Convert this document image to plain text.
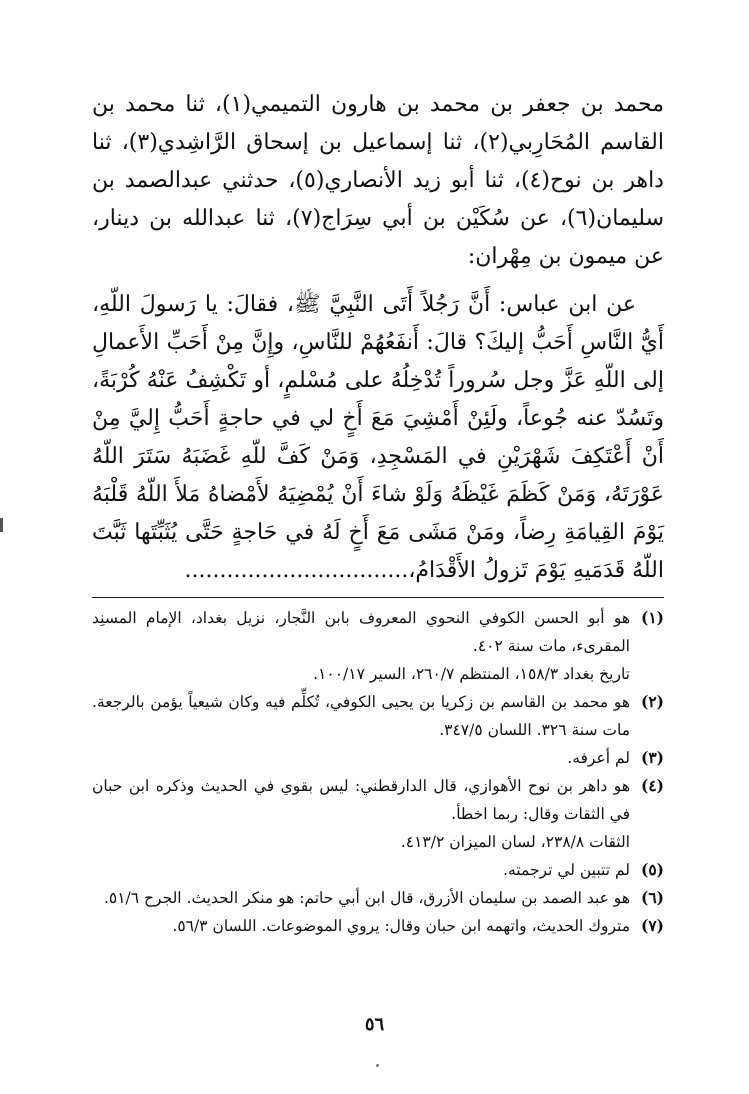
محمد بن جعفر بن محمد بن هارون التميمي(١)، ثنا محمد بن القاسم المُحَارِبي(٢)، ثنا إسماعيل بن إسحاق الرَّاشِدي(٣)، ثنا داهر بن نوح(٤)، ثنا أبو زيد الأنصاري(٥)، حدثني عبدالصمد بن سليمان(٦)، عن سُكَيْن بن أبي سِرَاج(٧)، ثنا عبدالله بن دينار، عن ميمون بن مِهْران:

عن ابن عباس: أَنَّ رَجُلاً أَتَى النَّبِيَّ ﷺ، فقالَ: يا رَسولَ اللّهِ، أَيُّ النَّاسِ أَحَبُّ إليكَ؟ قالَ: أَنفَعُهُمْ للنَّاسِ، وإِنَّ مِنْ أَحَبِّ الأَعمالِ إلى اللّهِ عَزَّ وجل سُروراً تُدْخِلُهُ على مُسْلمٍ، أو تَكْشِفُ عَنْهُ كُرْبَةً، وتَسُدّ عنه جُوعاً، ولَئِنْ أَمْشِيَ مَعَ أَخٍ لي في حاجةٍ أَحَبُّ إِليَّ مِنْ أَنْ أَعْتَكِفَ شَهْرَيْنِ في المَسْجِدِ، وَمَنْ كَفَّ للّهِ غَضَبَهُ سَتَرَ اللّهُ عَوْرَتَهُ، وَمَنْ كَظَمَ غَيْظَهُ وَلَوْ شاءَ أَنْ يُمْضِيَهُ لأَمْضاهُ مَلأَ اللّهُ قَلْبَهُ يَوْمَ القِيامَةِ رِضاً، ومَنْ مَشَى مَعَ أَخٍ لَهُ في حَاجةٍ حَتَّى يُثَبِّتَها ثَبَّتَ اللّهُ قَدَمَيهِ يَوْمَ تَزولُ الأَقْدَامُ،................................

(١)
هو أبو الحسن الكوفي النحوي المعروف بابن النَّجار، نزيل بغداد، الإمام المسنِد المقرىء، مات سنة ٤٠٢.
تاريخ بغداد ١٥٨/٣، المنتظم ٢٦٠/٧، السير ١٠٠/١٧.
(٢)
هو محمد بن القاسم بن زكريا بن يحيى الكوفي، تُكلِّم فيه وكان شيعياً يؤمن بالرجعة. مات سنة ٣٢٦. اللسان ٣٤٧/٥.
(٣)
لم أعرفه.
(٤)
هو داهر بن نوح الأهوازي، قال الدارقطني: ليس بقوي في الحديث وذكره ابن حبان في الثقات وقال: ربما اخطأ.
الثقات ٢٣٨/٨، لسان الميزان ٤١٣/٢.
(٥)
لم تتبين لي ترجمته.
(٦)
هو عبد الصمد بن سليمان الأزرق، قال ابن أبي حاتم: هو منكر الحديث. الجرح ٥١/٦.
(٧)
متروك الحديث، واتهمه ابن حبان وقال: يروي الموضوعات. اللسان ٥٦/٣.
٥٦
